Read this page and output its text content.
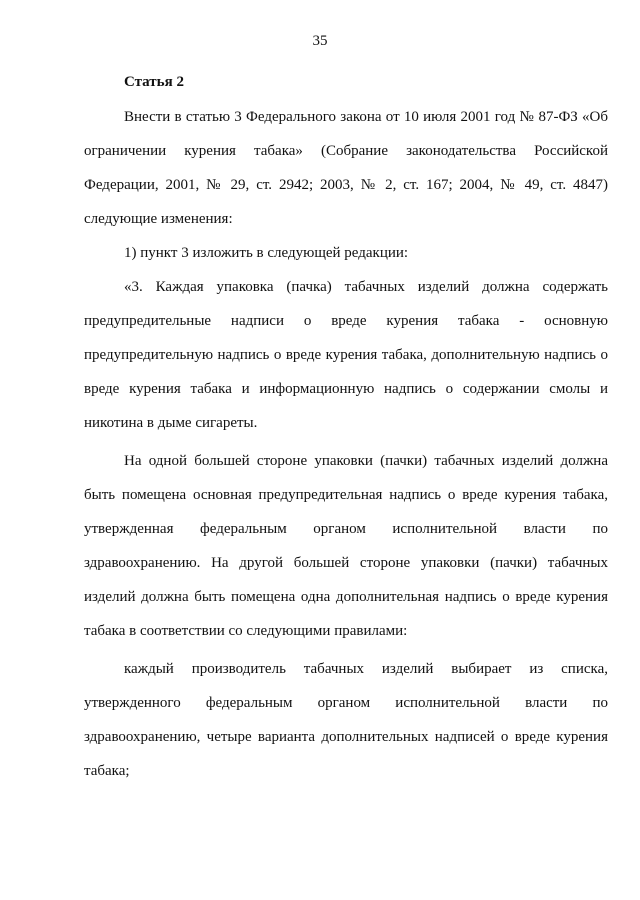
35
Статья 2

Внести в статью 3 Федерального закона от 10 июля 2001 год № 87-ФЗ «Об ограничении курения табака» (Собрание законодательства Российской Федерации, 2001, № 29, ст. 2942; 2003, № 2, ст. 167; 2004, № 49, ст. 4847) следующие изменения:

1) пункт 3 изложить в следующей редакции:

«3. Каждая упаковка (пачка) табачных изделий должна содержать предупредительные надписи о вреде курения табака - основную предупредительную надпись о вреде курения табака, дополнительную надпись о вреде курения табака и информационную надпись о содержании смолы и никотина в дыме сигареты.

На одной большей стороне упаковки (пачки) табачных изделий должна быть помещена основная предупредительная надпись о вреде курения табака, утвержденная федеральным органом исполнительной власти по здравоохранению. На другой большей стороне упаковки (пачки) табачных изделий должна быть помещена одна дополнительная надпись о вреде курения табака в соответствии со следующими правилами:

каждый производитель табачных изделий выбирает из списка, утвержденного федеральным органом исполнительной власти по здравоохранению, четыре варианта дополнительных надписей о вреде курения табака;
